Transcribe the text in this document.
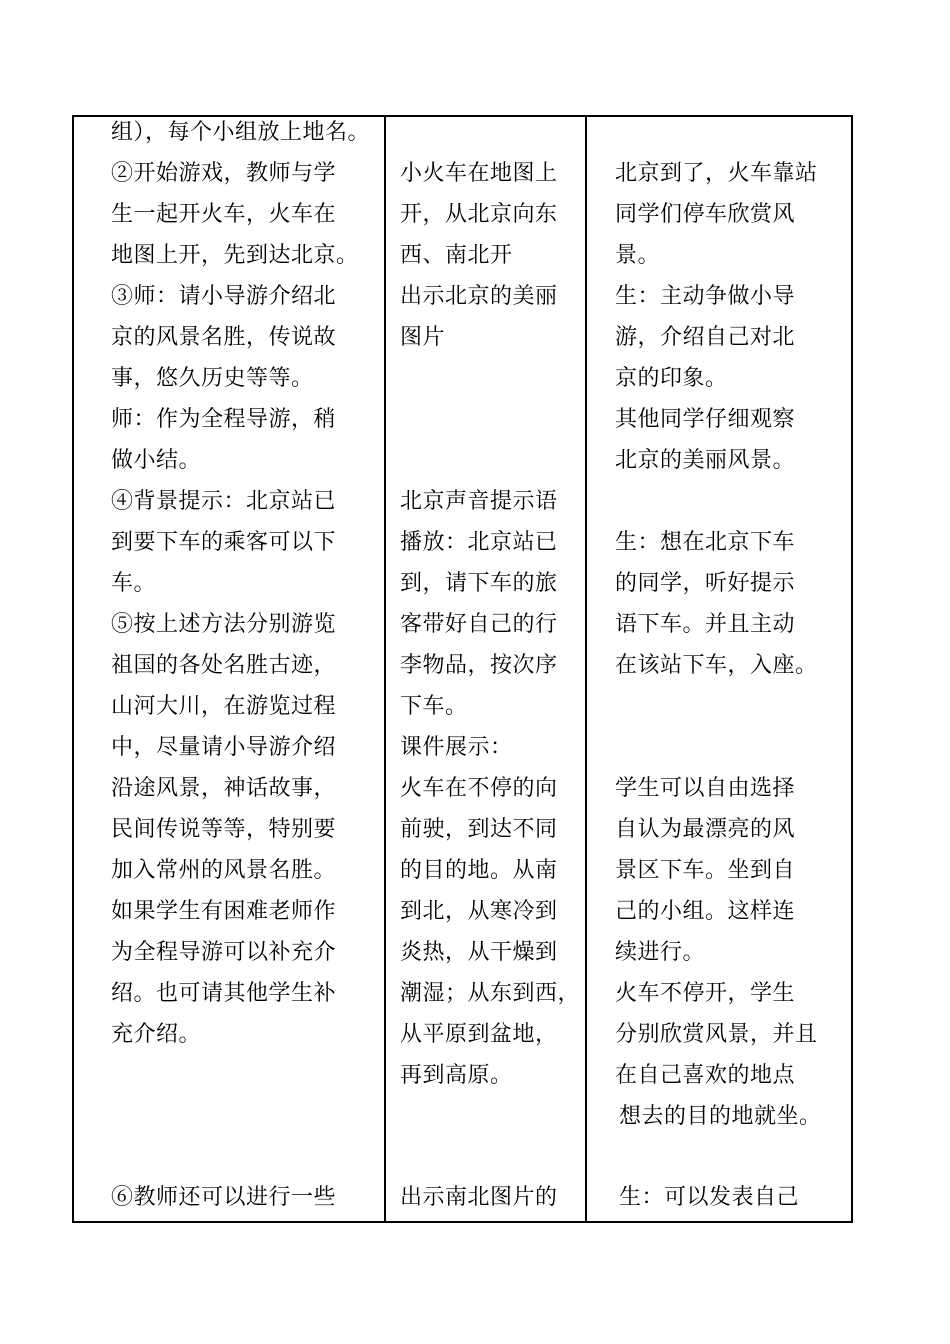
组），每个小组放上地名。
②开始游戏，教师与学
生一起开火车，火车在
地图上开，先到达北京。
③师：请小导游介绍北
京的风景名胜，传说故
事，悠久历史等等。
师：作为全程导游，稍
做小结。
④背景提示：北京站已
到要下车的乘客可以下
车。
⑤按上述方法分别游览
祖国的各处名胜古迹，
山河大川，在游览过程
中，尽量请小导游介绍
沿途风景，神话故事，
民间传说等等，特别要
加入常州的风景名胜。
如果学生有困难老师作
为全程导游可以补充介
绍。也可请其他学生补
充介绍。
⑥教师还可以进行一些
小火车在地图上
开，从北京向东
西、南北开
出示北京的美丽
图片
北京声音提示语
播放：北京站已
到，请下车的旅
客带好自己的行
李物品，按次序
下车。
课件展示：
火车在不停的向
前驶，到达不同
的目的地。从南
到北，从寒冷到
炎热，从干燥到
潮湿；从东到西，
从平原到盆地，
再到高原。
出示南北图片的
北京到了，火车靠站
同学们停车欣赏风
景。
生：主动争做小导
游，介绍自己对北
京的印象。
其他同学仔细观察
北京的美丽风景。
生：想在北京下车
的同学，听好提示
语下车。并且主动
在该站下车，入座。
学生可以自由选择
自认为最漂亮的风
景区下车。坐到自
己的小组。这样连
续进行。
火车不停开，学生
分别欣赏风景，并且
在自己喜欢的地点
想去的目的地就坐。
生：可以发表自己
